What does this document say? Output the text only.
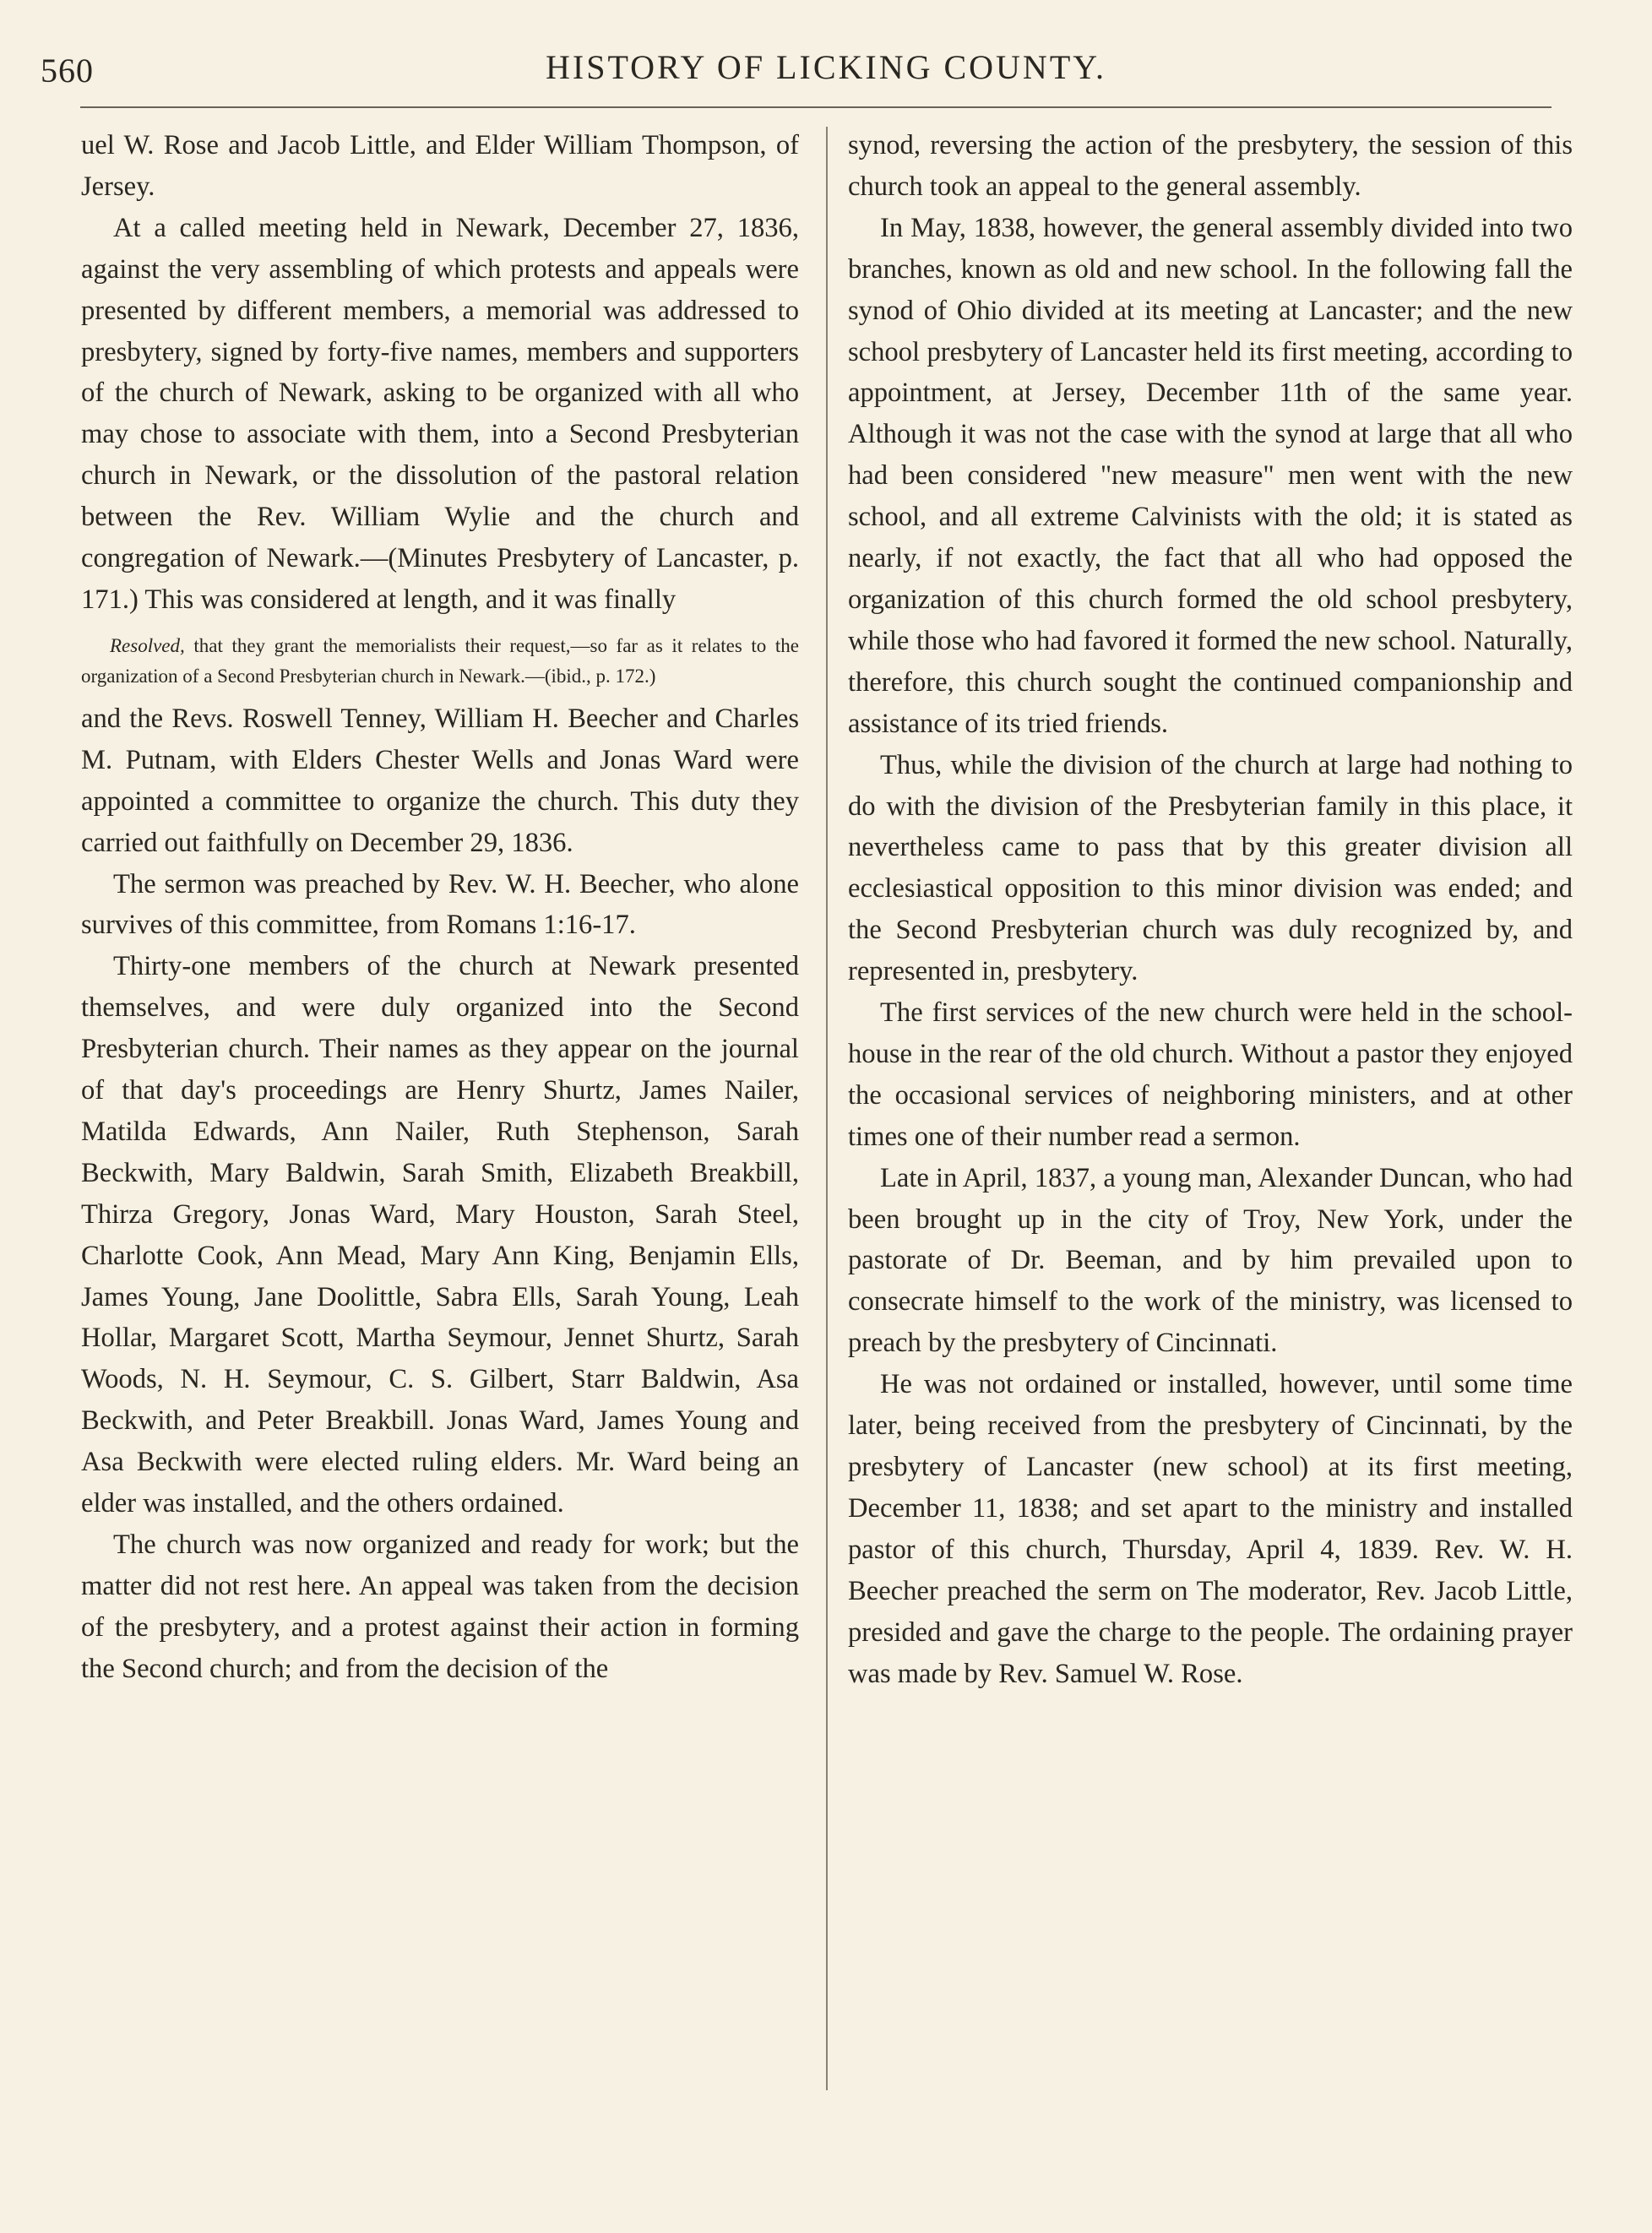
560	HISTORY OF LICKING COUNTY.

uel W. Rose and Jacob Little, and Elder William Thompson, of Jersey.

At a called meeting held in Newark, December 27, 1836, against the very assembling of which protests and appeals were presented by different members, a memorial was addressed to presbytery, signed by forty-five names, members and supporters of the church of Newark, asking to be organized with all who may chose to associate with them, into a Second Presbyterian church in Newark, or the dissolution of the pastoral relation between the Rev. William Wylie and the church and congregation of Newark.—(Minutes Presbytery of Lancaster, p. 171.) This was considered at length, and it was finally

Resolved, that they grant the memorialists their request,—so far as it relates to the organization of a Second Presbyterian church in Newark.—(ibid., p. 172.)

and the Revs. Roswell Tenney, William H. Beecher and Charles M. Putnam, with Elders Chester Wells and Jonas Ward were appointed a committee to organize the church. This duty they carried out faithfully on December 29, 1836.

The sermon was preached by Rev. W. H. Beecher, who alone survives of this committee, from Romans 1:16-17.

Thirty-one members of the church at Newark presented themselves, and were duly organized into the Second Presbyterian church. Their names as they appear on the journal of that day's proceedings are Henry Shurtz, James Nailer, Matilda Edwards, Ann Nailer, Ruth Stephenson, Sarah Beckwith, Mary Baldwin, Sarah Smith, Elizabeth Breakbill, Thirza Gregory, Jonas Ward, Mary Houston, Sarah Steel, Charlotte Cook, Ann Mead, Mary Ann King, Benjamin Ells, James Young, Jane Doolittle, Sabra Ells, Sarah Young, Leah Hollar, Margaret Scott, Martha Seymour, Jennet Shurtz, Sarah Woods, N. H. Seymour, C. S. Gilbert, Starr Baldwin, Asa Beckwith, and Peter Breakbill. Jonas Ward, James Young and Asa Beckwith were elected ruling elders. Mr. Ward being an elder was installed, and the others ordained.

The church was now organized and ready for work; but the matter did not rest here. An appeal was taken from the decision of the presbytery, and a protest against their action in forming the Second church; and from the decision of the

synod, reversing the action of the presbytery, the session of this church took an appeal to the general assembly.

In May, 1838, however, the general assembly divided into two branches, known as old and new school. In the following fall the synod of Ohio divided at its meeting at Lancaster; and the new school presbytery of Lancaster held its first meeting, according to appointment, at Jersey, December 11th of the same year. Although it was not the case with the synod at large that all who had been considered "new measure" men went with the new school, and all extreme Calvinists with the old; it is stated as nearly, if not exactly, the fact that all who had opposed the organization of this church formed the old school presbytery, while those who had favored it formed the new school. Naturally, therefore, this church sought the continued companionship and assistance of its tried friends.

Thus, while the division of the church at large had nothing to do with the division of the Presbyterian family in this place, it nevertheless came to pass that by this greater division all ecclesiastical opposition to this minor division was ended; and the Second Presbyterian church was duly recognized by, and represented in, presbytery.

The first services of the new church were held in the school-house in the rear of the old church. Without a pastor they enjoyed the occasional services of neighboring ministers, and at other times one of their number read a sermon.

Late in April, 1837, a young man, Alexander Duncan, who had been brought up in the city of Troy, New York, under the pastorate of Dr. Beeman, and by him prevailed upon to consecrate himself to the work of the ministry, was licensed to preach by the presbytery of Cincinnati.

He was not ordained or installed, however, until some time later, being received from the presbytery of Cincinnati, by the presbytery of Lancaster (new school) at its first meeting, December 11, 1838; and set apart to the ministry and installed pastor of this church, Thursday, April 4, 1839. Rev. W. H. Beecher preached the serm on The moderator, Rev. Jacob Little, presided and gave the charge to the people. The ordaining prayer was made by Rev. Samuel W. Rose.
